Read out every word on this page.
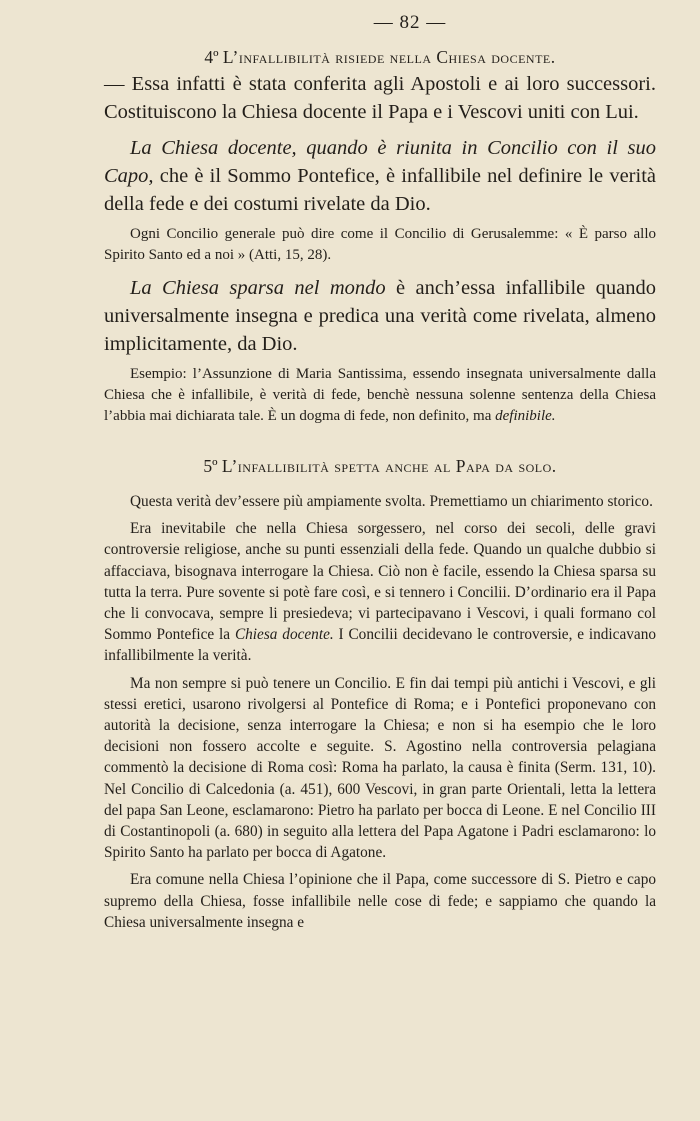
— 82 —

4º L’infallibilità risiede nella Chiesa docente.

— Essa infatti è stata conferita agli Apostoli e ai loro successori. Costituiscono la Chiesa docente il Papa e i Vescovi uniti con Lui.

La Chiesa docente, quando è riunita in Concilio con il suo Capo, che è il Sommo Pontefice, è infallibile nel definire le verità della fede e dei costumi rivelate da Dio.

Ogni Concilio generale può dire come il Concilio di Gerusalemme: « È parso allo Spirito Santo ed a noi » (Atti, 15, 28).

La Chiesa sparsa nel mondo è anch’essa infallibile quando universalmente insegna e predica una verità come rivelata, almeno implicitamente, da Dio.

Esempio: l’Assunzione di Maria Santissima, essendo insegnata universalmente dalla Chiesa che è infallibile, è verità di fede, benchè nessuna solenne sentenza della Chiesa l’abbia mai dichiarata tale. È un dogma di fede, non definito, ma definibile.

5º L’infallibilità spetta anche al Papa da solo.

Questa verità dev’essere più ampiamente svolta. Premettiamo un chiarimento storico.

Era inevitabile che nella Chiesa sorgessero, nel corso dei secoli, delle gravi controversie religiose, anche su punti essenziali della fede. Quando un qualche dubbio si affacciava, bisognava interrogare la Chiesa. Ciò non è facile, essendo la Chiesa sparsa su tutta la terra. Pure sovente si potè fare così, e si tennero i Concilii. D’ordinario era il Papa che li convocava, sempre li presiedeva; vi partecipavano i Vescovi, i quali formano col Sommo Pontefice la Chiesa docente. I Concilii decidevano le controversie, e indicavano infallibilmente la verità.

Ma non sempre si può tenere un Concilio. E fin dai tempi più antichi i Vescovi, e gli stessi eretici, usarono rivolgersi al Pontefice di Roma; e i Pontefici proponevano con autorità la decisione, senza interrogare la Chiesa; e non si ha esempio che le loro decisioni non fossero accolte e seguite. S. Agostino nella controversia pelagiana commentò la decisione di Roma così: Roma ha parlato, la causa è finita (Serm. 131, 10). Nel Concilio di Calcedonia (a. 451), 600 Vescovi, in gran parte Orientali, letta la lettera del papa San Leone, esclamarono: Pietro ha parlato per bocca di Leone. E nel Concilio III di Costantinopoli (a. 680) in seguito alla lettera del Papa Agatone i Padri esclamarono: lo Spirito Santo ha parlato per bocca di Agatone.

Era comune nella Chiesa l’opinione che il Papa, come successore di S. Pietro e capo supremo della Chiesa, fosse infallibile nelle cose di fede; e sappiamo che quando la Chiesa universalmente insegna e
